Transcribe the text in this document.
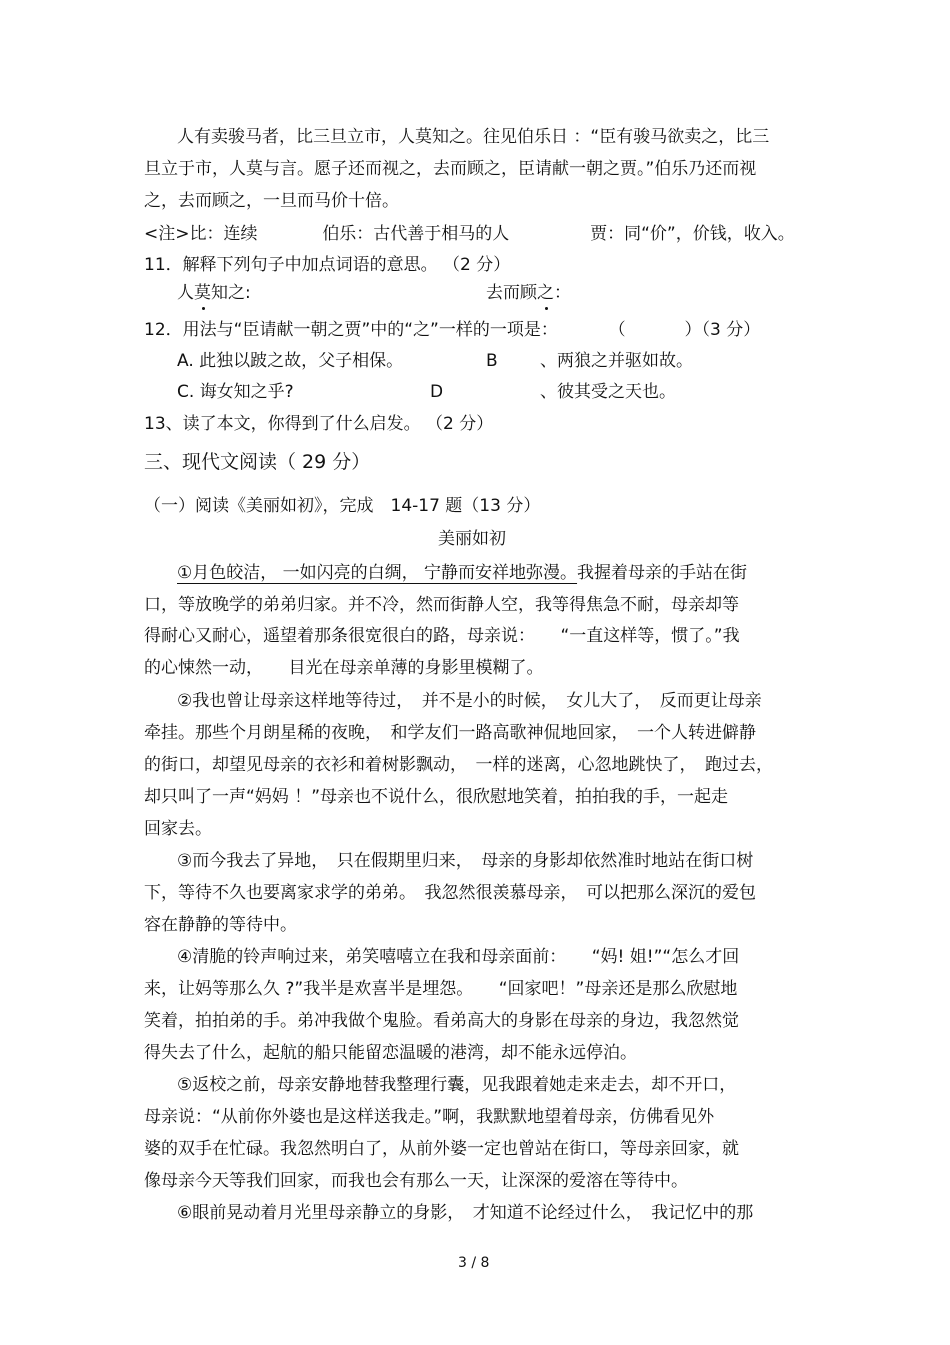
人有卖骏马者，比三旦立市，人莫知之。往见伯乐日 ：“臣有骏马欲卖之，比三
旦立于市，人莫与言。愿子还而视之，去而顾之，臣请献一朝之贾。”伯乐乃还而视
之，去而顾之，一旦而马价十倍。
<注>比：连续	伯乐：古代善于相马的人	贾：同“价”，价钱，收入。
11．解释下列句子中加点词语的意思。 （2 分）
人莫知之:	去而顾之：
12．用法与“臣请献一朝之贾”中的“之”一样的一项是：	（	）（3 分）
A. 此独以跛之故，父子相保。	B 、两狼之并驱如故。
C. 诲女知之乎?	D	、彼其受之天也。
13、读了本文，你得到了什么启发。 （2 分）
三、现代文阅读（ 29 分）
（一）阅读《美丽如初》，完成　14-17 题（13 分）
美丽如初
①月色皎洁， 一如闪亮的白绸， 宁静而安祥地弥漫。我握着母亲的手站在街
口，等放晚学的弟弟归家。并不冷，然而街静人空，我等得焦急不耐，母亲却等
得耐心又耐心，遥望着那条很宽很白的路，母亲说：　　“一直这样等，惯了。”我
的心悚然一动，　　目光在母亲单薄的身影里模糊了。
②我也曾让母亲这样地等待过，　并不是小的时候，　女儿大了，　反而更让母亲
牵挂。那些个月朗星稀的夜晚，　和学友们一路高歌神侃地回家，　一个人转进僻静
的街口，却望见母亲的衣衫和着树影飘动，　一样的迷离，心忽地跳快了，　跑过去，
却只叫了一声“妈妈 ！”母亲也不说什么，很欣慰地笑着，拍拍我的手，一起走
回家去。
③而今我去了异地，　只在假期里归来，　母亲的身影却依然准时地站在街口树
下，等待不久也要离家求学的弟弟。　我忽然很羡慕母亲，　可以把那么深沉的爱包
容在静静的等待中。
④清脆的铃声响过来，弟笑嘻嘻立在我和母亲面前：　　“妈! 姐!”“怎么才回
来，让妈等那么久 ?”我半是欢喜半是埋怨。　　“回家吧！”母亲还是那么欣慰地
笑着，拍拍弟的手。弟冲我做个鬼脸。看弟高大的身影在母亲的身边，我忽然觉
得失去了什么，起航的船只能留恋温暖的港湾，却不能永远停泊。
⑤返校之前，母亲安静地替我整理行囊，见我跟着她走来走去，却不开口，
母亲说：“从前你外婆也是这样送我走。”啊，我默默地望着母亲，仿佛看见外
婆的双手在忙碌。我忽然明白了，从前外婆一定也曾站在街口，等母亲回家，就
像母亲今天等我们回家，而我也会有那么一天，让深深的爱溶在等待中。
⑥眼前晃动着月光里母亲静立的身影，　才知道不论经过什么，　我记忆中的那
3 / 8
